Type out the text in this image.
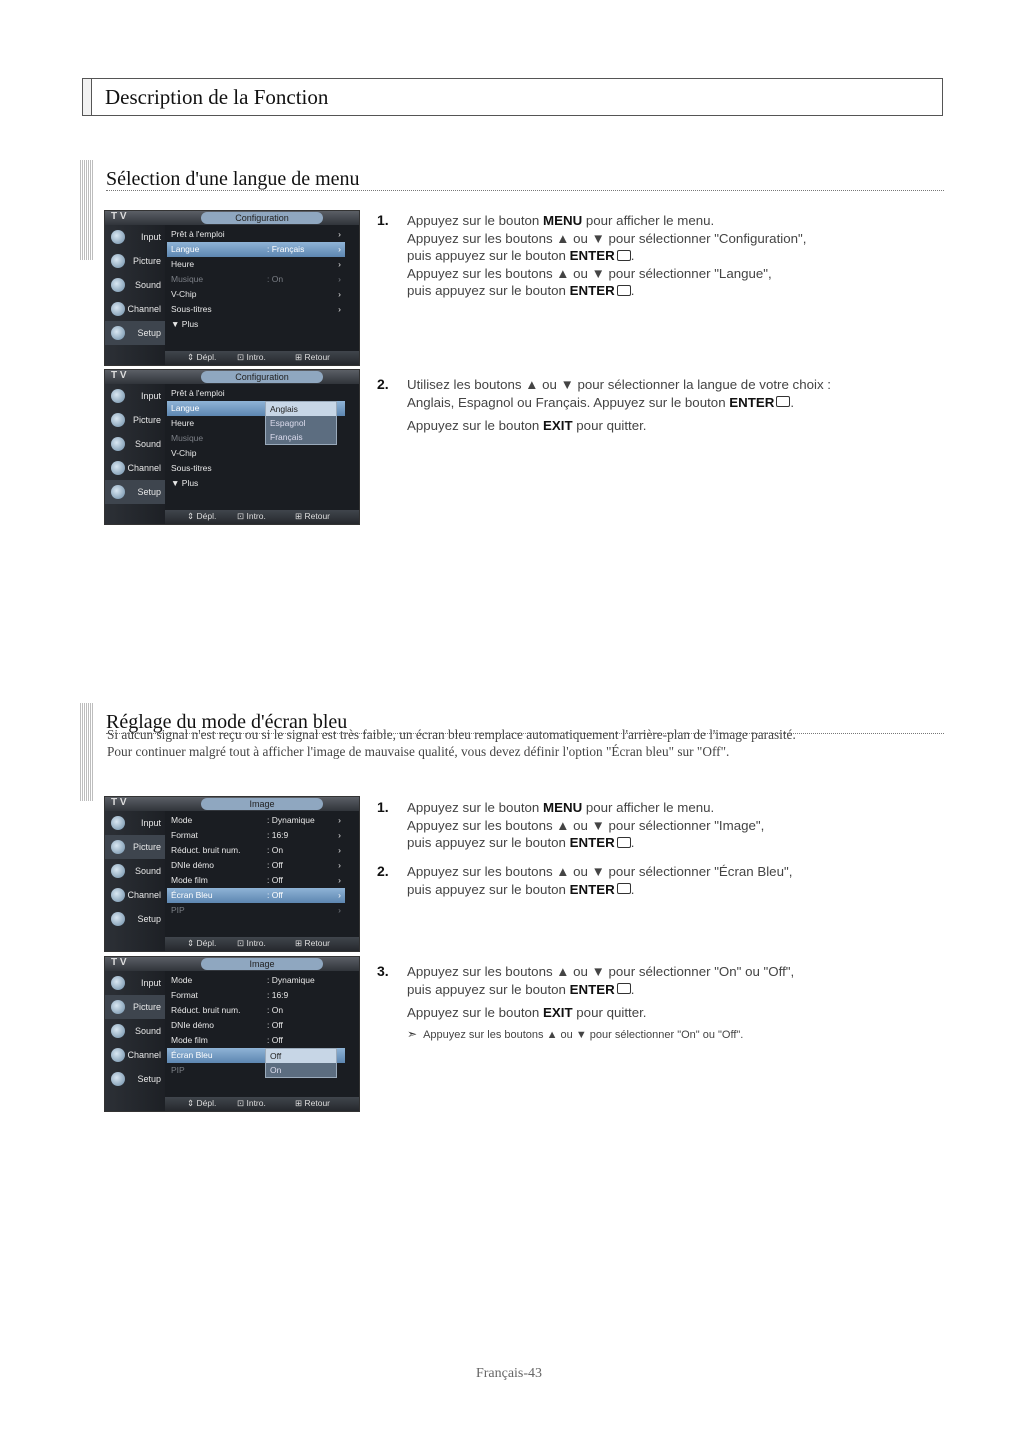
Description de la Fonction
Sélection d'une langue de menu
T V	Configuration
Input
Picture
Sound
Channel
Setup
Prêt à l'emploi	›
Langue	: Français	›
Heure	›
Musique	: On	›
V-Chip	›
Sous-titres	›
▼ Plus
⇕ Dépl. ⊡ Intro.	⊞ Retour
T V	Configuration
Input
Picture
Sound
Channel
Setup
Prêt à l'emploi
Langue
Heure
Musique
V-Chip
Sous-titres
▼ Plus
Anglais
Espagnol
Français
⇕ Dépl. ⊡ Intro.	⊞ Retour
1. Appuyez sur le bouton MENU pour afficher le menu.
Appuyez sur les boutons ▲ ou ▼ pour sélectionner "Configuration",
puis appuyez sur le bouton ENTER .
Appuyez sur les boutons ▲ ou ▼ pour sélectionner "Langue",
puis appuyez sur le bouton ENTER .
2. Utilisez les boutons ▲ ou ▼ pour sélectionner la langue de votre choix :
Anglais, Espagnol ou Français. Appuyez sur le bouton ENTER .
Appuyez sur le bouton EXIT pour quitter.
Réglage du mode d'écran bleu

Si aucun signal n'est reçu ou si le signal est très faible, un écran bleu remplace automatiquement l'arrière-plan de l'image parasité.

Pour continuer malgré tout à afficher l'image de mauvaise qualité, vous devez définir l'option "Écran bleu" sur "Off".

T V	Image
Input
Picture
Sound
Channel
Setup
Mode	: Dynamique	›
Format	: 16:9	›
Réduct. bruit num.	: On	›
DNIe démo	: Off	›
Mode film	: Off	›
Écran Bleu	: Off	›
PIP	›
⇕ Dépl. ⊡ Intro.	⊞ Retour
T V	Image
Input
Picture
Sound
Channel
Setup
Mode	: Dynamique
Format	: 16:9
Réduct. bruit num.	: On
DNIe démo	: Off
Mode film	: Off
Écran Bleu
PIP
Off
On
⇕ Dépl. ⊡ Intro.	⊞ Retour
1. Appuyez sur le bouton MENU pour afficher le menu.
Appuyez sur les boutons ▲ ou ▼ pour sélectionner "Image",
puis appuyez sur le bouton ENTER .
2. Appuyez sur les boutons ▲ ou ▼ pour sélectionner "Écran Bleu",
puis appuyez sur le bouton ENTER .
3. Appuyez sur les boutons ▲ ou ▼ pour sélectionner "On" ou "Off",
puis appuyez sur le bouton ENTER .
Appuyez sur le bouton EXIT pour quitter.
➣ Appuyez sur les boutons ▲ ou ▼ pour sélectionner "On" ou "Off".
Français-43
